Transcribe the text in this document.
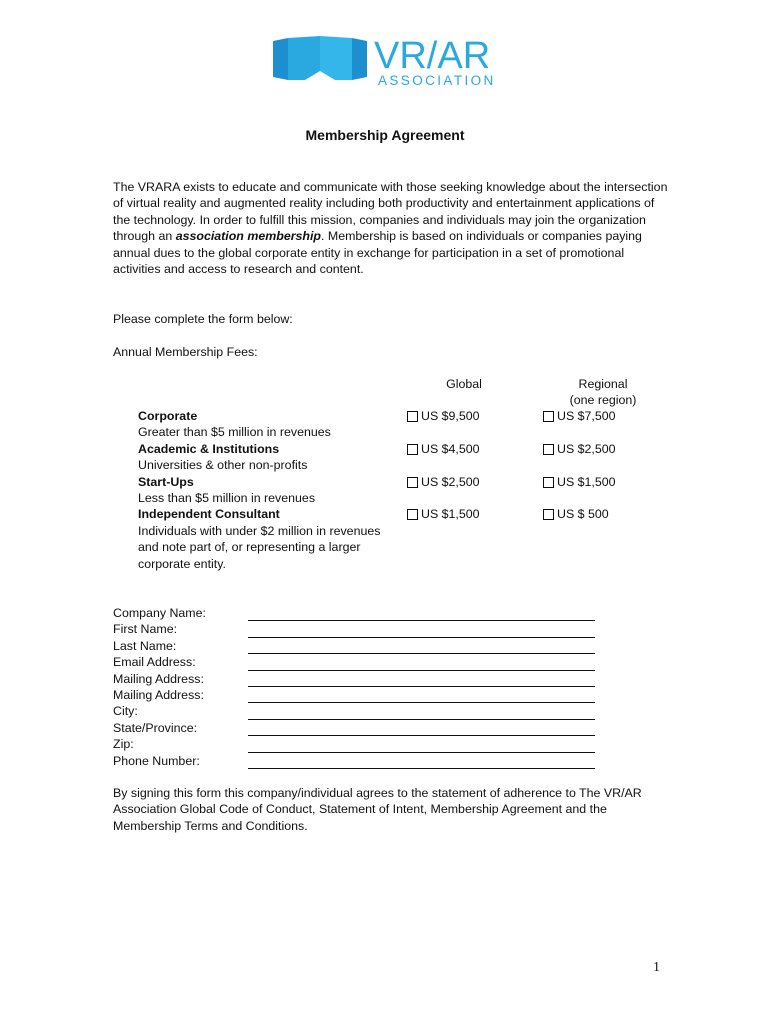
VR/AR
ASSOCIATION
Membership Agreement
The VRARA exists to educate and communicate with those seeking knowledge about the intersection of virtual reality and augmented reality including both productivity and entertainment applications of the technology. In order to fulfill this mission, companies and individuals may join the organization through an association membership. Membership is based on individuals or companies paying annual dues to the global corporate entity in exchange for participation in a set of promotional activities and access to research and content.
Please complete the form below:
Annual Membership Fees:
Global	Regional
(one region)
Corporate
Greater than $5 million in revenues
Academic & Institutions
Universities & other non-profits
Start-Ups
Less than $5 million in revenues
Independent Consultant
Individuals with under $2 million in revenues and note part of, or representing a larger corporate entity.
US $9,500
US $4,500
US $2,500
US $1,500
US $7,500
US $2,500
US $1,500
US $ 500
Company Name:
First Name:
Last Name:
Email Address:
Mailing Address:
Mailing Address:
City:
State/Province:
Zip:
Phone Number:
By signing this form this company/individual agrees to the statement of adherence to The VR/AR Association Global Code of Conduct, Statement of Intent, Membership Agreement and the Membership Terms and Conditions.
1
